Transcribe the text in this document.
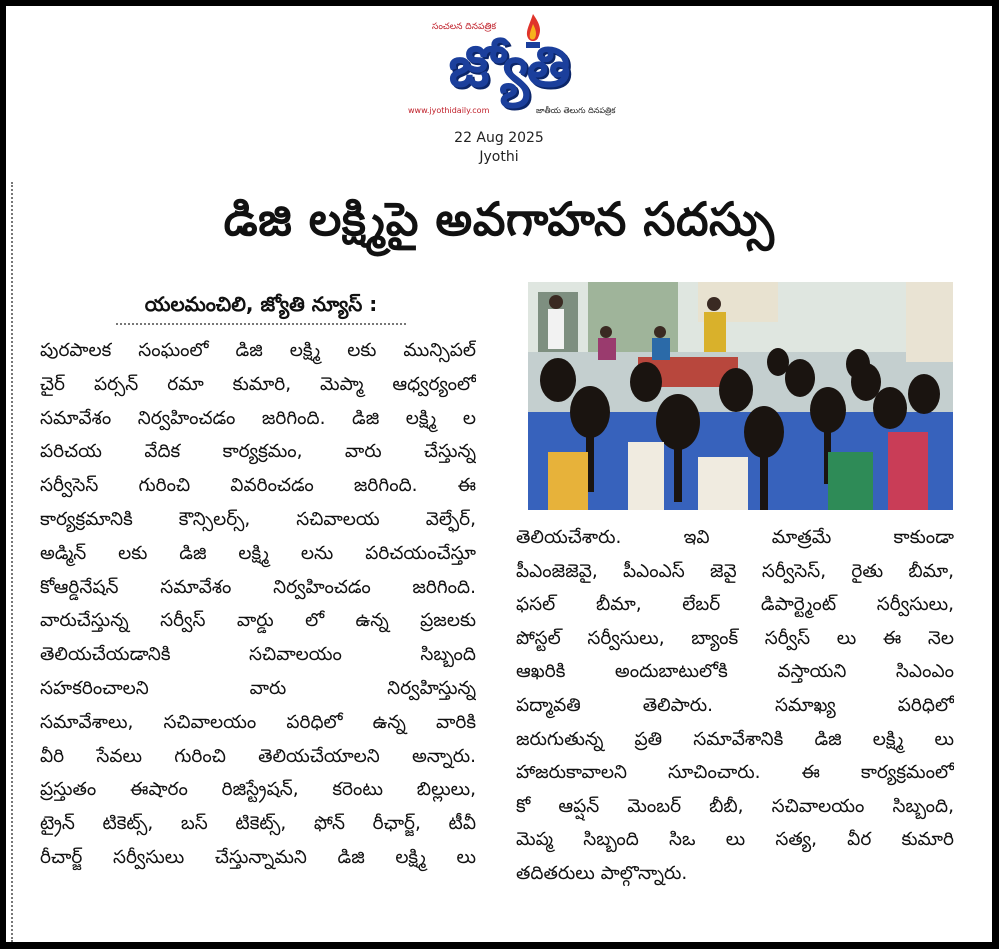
సంచలన దినపత్రిక
జ్యోతి
www.jyothidaily.com	జాతీయ తెలుగు దినపత్రిక
22 Aug 2025
Jyothi
డిజి లక్ష్మిపై అవగాహన సదస్సు
యలమంచిలి, జ్యోతి న్యూస్ :
పురపాలక సంఘంలో డిజి లక్ష్మి లకు మున్సిపల్
చైర్ పర్సన్ రమా కుమారి, మెప్మా ఆధ్వర్యంలో
సమావేశం నిర్వహించడం జరిగింది. డిజి లక్ష్మి ల
పరిచయ వేదిక కార్యక్రమం, వారు చేస్తున్న
సర్వీసెస్ గురించి వివరించడం జరిగింది. ఈ
కార్యక్రమానికి కౌన్సిలర్స్, సచివాలయ వెల్ఫేర్,
అడ్మిన్ లకు డిజి లక్ష్మి లను పరిచయంచేస్తూ
కోఆర్డినేషన్ సమావేశం నిర్వహించడం జరిగింది.
వారుచేస్తున్న సర్వీస్ వార్డు లో ఉన్న ప్రజలకు
తెలియచేయడానికి సచివాలయం సిబ్బంది
సహకరించాలని వారు నిర్వహిస్తున్న
సమావేశాలు, సచివాలయం పరిధిలో ఉన్న వారికి
వీరి సేవలు గురించి తెలియచేయాలని అన్నారు.
ప్రస్తుతం ఈషారం రిజిస్ట్రేషన్, కరెంటు బిల్లులు,
ట్రైన్ టికెట్స్, బస్ టికెట్స్, ఫోన్ రీఛార్జ్, టీవీ
రీచార్జ్ సర్వీసులు చేస్తున్నామని డిజి లక్ష్మి లు
తెలియచేశారు. ఇవి మాత్రమే కాకుండా
పీఎంజెజెవై, పీఎంఎస్ జెవై సర్వీసెస్, రైతు బీమా,
ఫసల్ బీమా, లేబర్ డిపార్ట్మెంట్ సర్వీసులు,
పోస్టల్ సర్వీసులు, బ్యాంక్ సర్వీస్ లు ఈ నెల
ఆఖరికి అందుబాటులోకి వస్తాయని సిఎంఎం
పద్మావతి తెలిపారు. సమాఖ్య పరిధిలో
జరుగుతున్న ప్రతి సమావేశానికి డిజి లక్ష్మి లు
హాజరుకావాలని సూచించారు. ఈ కార్యక్రమంలో
కో ఆప్షన్ మెంబర్ బీబీ, సచివాలయం సిబ్బంది,
మెప్మ సిబ్బంది సిఒ లు సత్య, వీర కుమారి
తదితరులు పాల్గొన్నారు.
